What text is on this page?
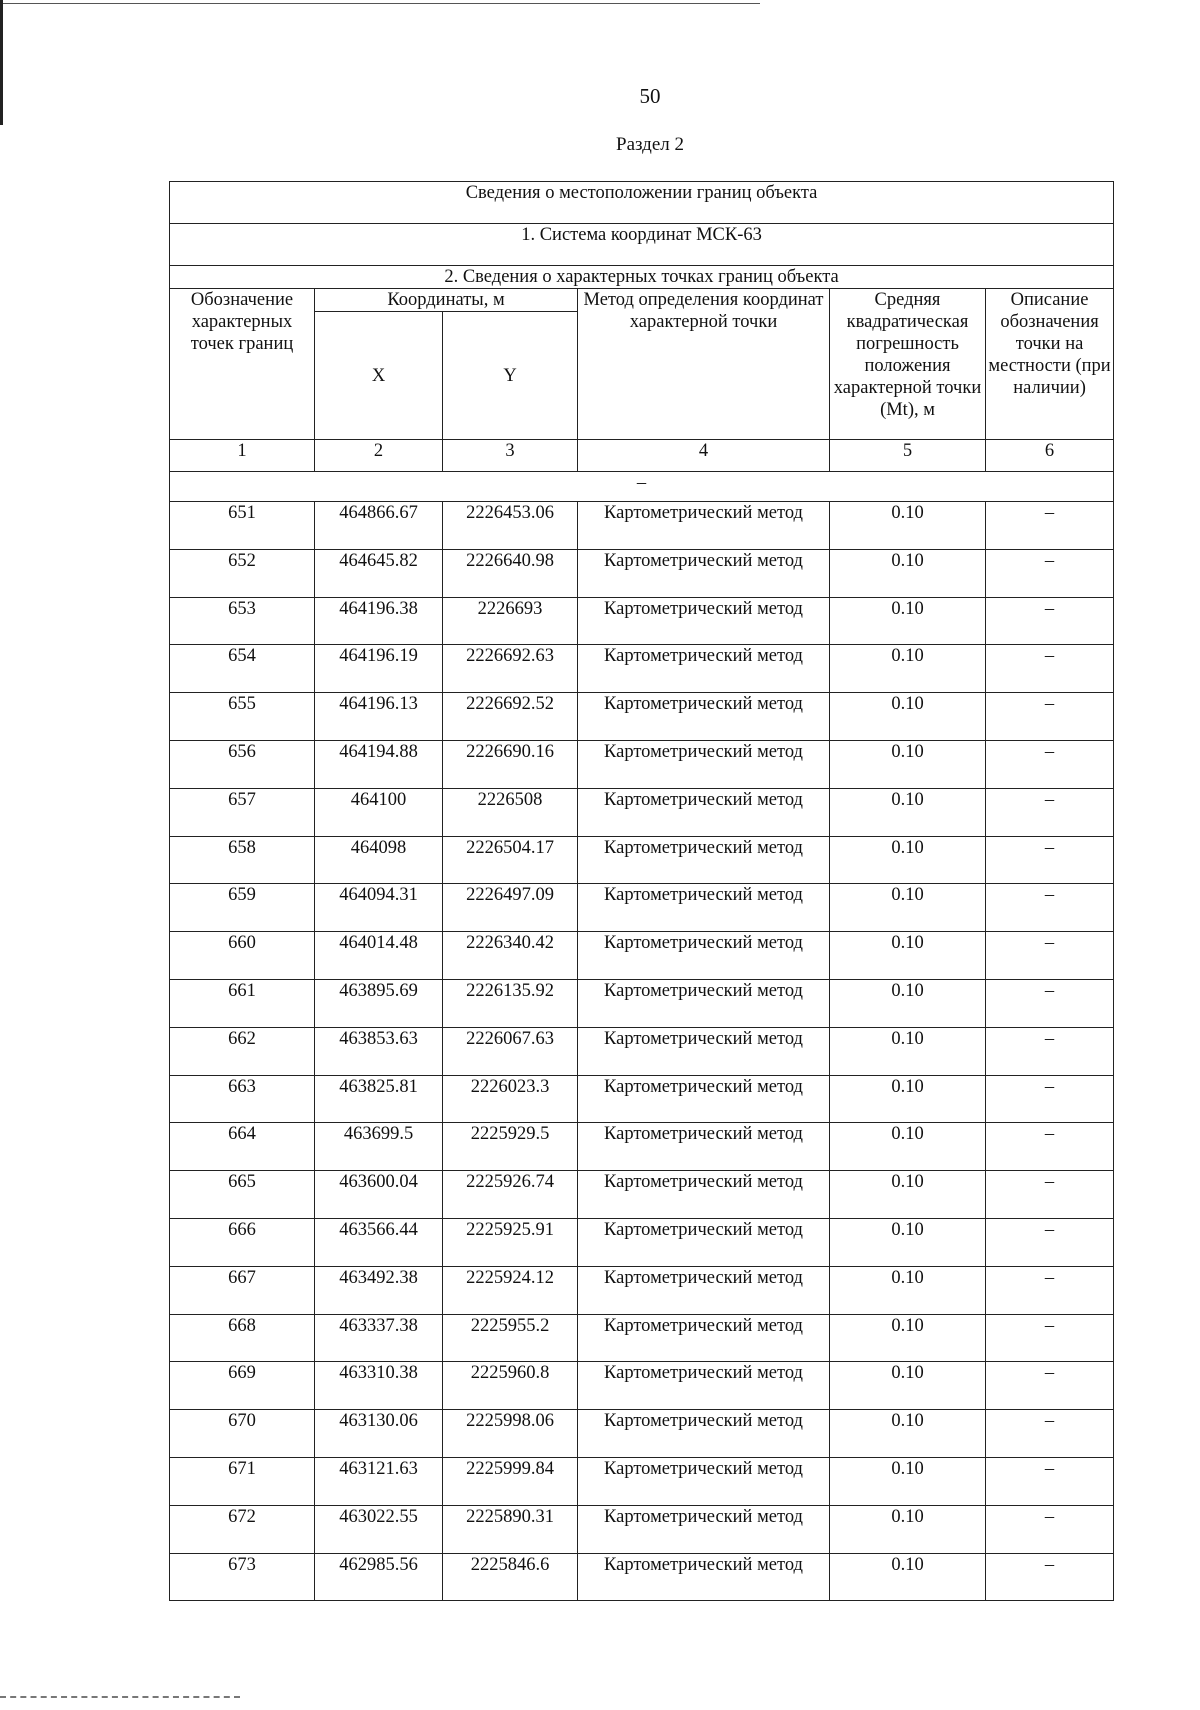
50
Раздел 2
Сведения о местоположении границ объекта					
1. Система координат МСК-63					
2. Сведения о характерных точках границ объекта					
Обозначение характерных точек границ	Координаты, м		Метод определения координат характерной точки	Средняя квадратическая погрешность положения характерной точки (Mt), м	Описание обозначения точки на местности (при наличии)
	X	Y			
1	2	3	4	5	6
–					
651	464866.67	2226453.06	Картометрический метод	0.10	–
652	464645.82	2226640.98	Картометрический метод	0.10	–
653	464196.38	2226693	Картометрический метод	0.10	–
654	464196.19	2226692.63	Картометрический метод	0.10	–
655	464196.13	2226692.52	Картометрический метод	0.10	–
656	464194.88	2226690.16	Картометрический метод	0.10	–
657	464100	2226508	Картометрический метод	0.10	–
658	464098	2226504.17	Картометрический метод	0.10	–
659	464094.31	2226497.09	Картометрический метод	0.10	–
660	464014.48	2226340.42	Картометрический метод	0.10	–
661	463895.69	2226135.92	Картометрический метод	0.10	–
662	463853.63	2226067.63	Картометрический метод	0.10	–
663	463825.81	2226023.3	Картометрический метод	0.10	–
664	463699.5	2225929.5	Картометрический метод	0.10	–
665	463600.04	2225926.74	Картометрический метод	0.10	–
666	463566.44	2225925.91	Картометрический метод	0.10	–
667	463492.38	2225924.12	Картометрический метод	0.10	–
668	463337.38	2225955.2	Картометрический метод	0.10	–
669	463310.38	2225960.8	Картометрический метод	0.10	–
670	463130.06	2225998.06	Картометрический метод	0.10	–
671	463121.63	2225999.84	Картометрический метод	0.10	–
672	463022.55	2225890.31	Картометрический метод	0.10	–
673	462985.56	2225846.6	Картометрический метод	0.10	–
